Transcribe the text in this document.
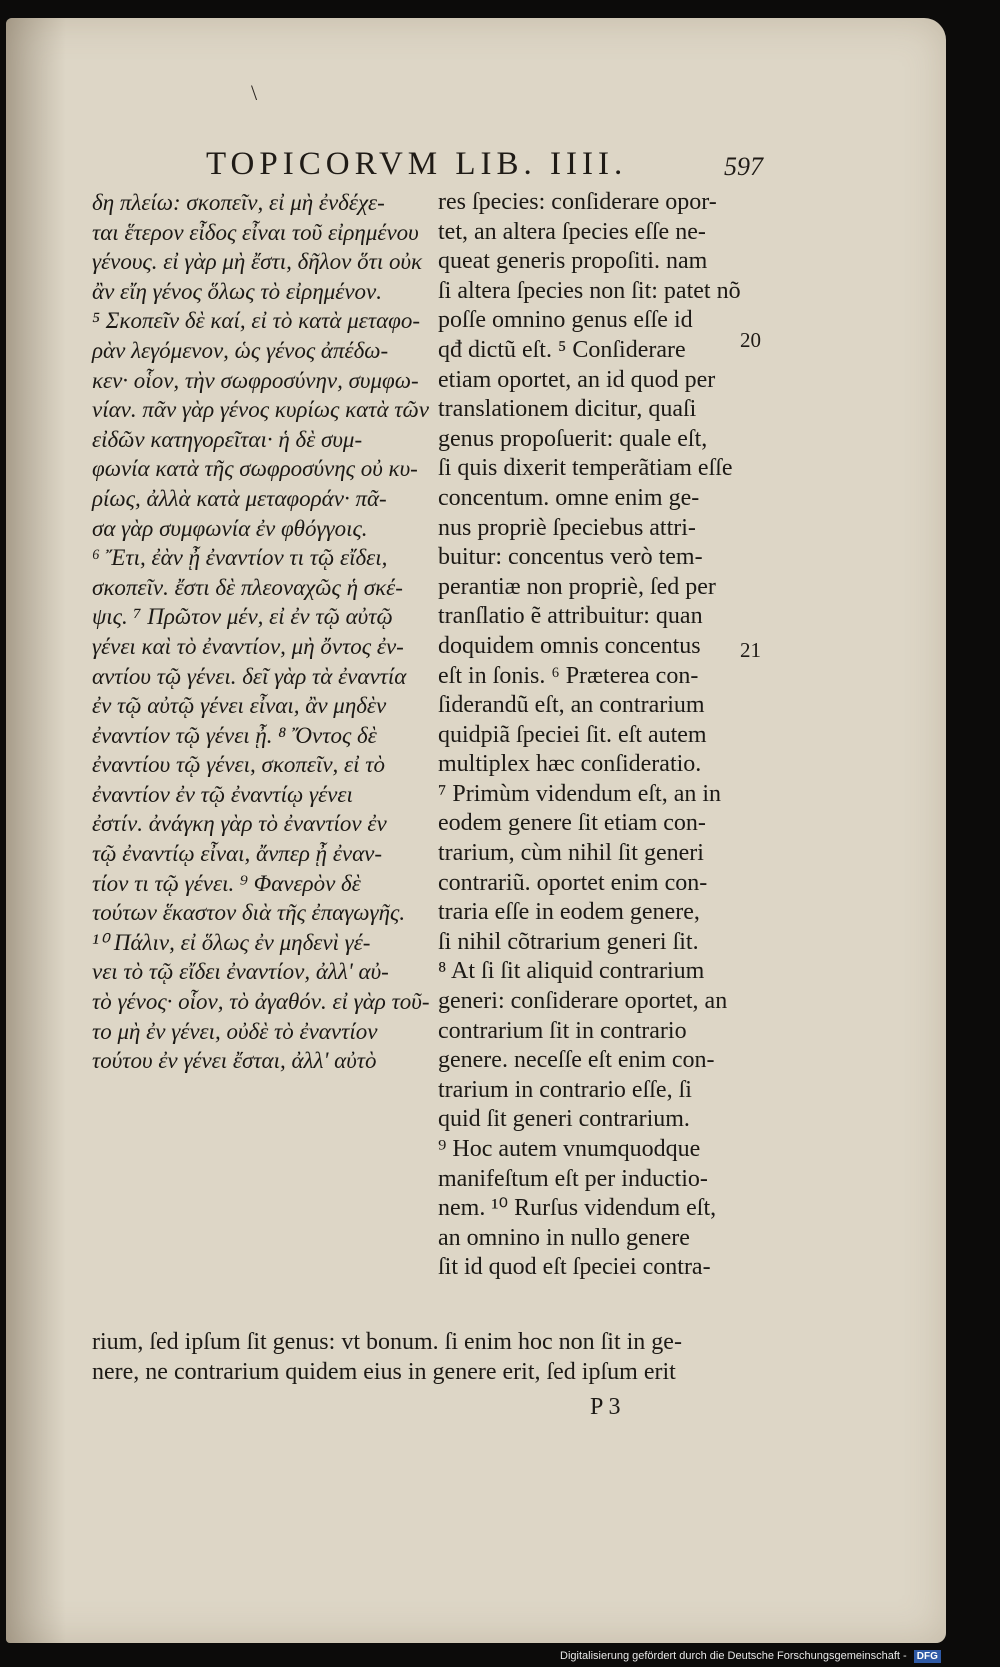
\
TOPICORVM LIB. IIII.	597
δη πλείω: σκοπεῖν, εἰ μὴ ἐνδέχε-
ται ἕτερον εἶδος εἶναι τοῦ εἰρημένου
γένους. εἰ γὰρ μὴ ἔστι, δῆλον ὅτι οὐκ
ἂν εἴη γένος ὅλως τὸ εἰρημένον.
⁵ Σκοπεῖν δὲ καί, εἰ τὸ κατὰ μεταφο-
ρὰν λεγόμενον, ὡς γένος ἀπέδω-
κεν· οἷον, τὴν σωφροσύνην, συμφω-
νίαν. πᾶν γὰρ γένος κυρίως κατὰ τῶν
εἰδῶν κατηγορεῖται· ἡ δὲ συμ-
φωνία κατὰ τῆς σωφροσύνης οὐ κυ-
ρίως, ἀλλὰ κατὰ μεταφοράν· πᾶ-
σα γὰρ συμφωνία ἐν φθόγγοις.
⁶ Ἔτι, ἐὰν ᾖ ἐναντίον τι τῷ εἴδει,
σκοπεῖν. ἔστι δὲ πλεοναχῶς ἡ σκέ-
ψις. ⁷ Πρῶτον μέν, εἰ ἐν τῷ αὐτῷ
γένει καὶ τὸ ἐναντίον, μὴ ὄντος ἐν-
αντίου τῷ γένει. δεῖ γὰρ τὰ ἐναντία
ἐν τῷ αὐτῷ γένει εἶναι, ἂν μηδὲν
ἐναντίον τῷ γένει ᾖ. ⁸ Ὄντος δὲ
ἐναντίου τῷ γένει, σκοπεῖν, εἰ τὸ
ἐναντίον ἐν τῷ ἐναντίῳ γένει
ἐστίν. ἀνάγκη γὰρ τὸ ἐναντίον ἐν
τῷ ἐναντίῳ εἶναι, ἄνπερ ᾖ ἐναν-
τίον τι τῷ γένει. ⁹ Φανερὸν δὲ
τούτων ἕκαστον διὰ τῆς ἐπαγωγῆς.
¹⁰ Πάλιν, εἰ ὅλως ἐν μηδενὶ γέ-
νει τὸ τῷ εἴδει ἐναντίον, ἀλλ' αὐ-
τὸ γένος· οἷον, τὸ ἀγαθόν. εἰ γὰρ τοῦ-
το μὴ ἐν γένει, οὐδὲ τὸ ἐναντίον
τούτου ἐν γένει ἔσται, ἀλλ' αὐτὸ
res ſpecies: conſiderare opor-
tet, an altera ſpecies eſſe ne-
queat generis propoſiti. nam
ſi altera ſpecies non ſit: patet nõ
poſſe omnino genus eſſe id
qđ dictũ eſt. ⁵ Conſiderare
etiam oportet, an id quod per
translationem dicitur, quaſi
genus propoſuerit: quale eſt,
ſi quis dixerit temperãtiam eſſe
concentum. omne enim ge-
nus propriè ſpeciebus attri-
buitur: concentus verò tem-
perantiæ non propriè, ſed per
tranſlatio ẽ attribuitur: quan
doquidem omnis concentus
eſt in ſonis. ⁶ Præterea con-
ſiderandũ eſt, an contrarium
quidpiã ſpeciei ſit. eſt autem
multiplex hæc conſideratio.
⁷ Primùm videndum eſt, an in
eodem genere ſit etiam con-
trarium, cùm nihil ſit generi
contrariũ. oportet enim con-
traria eſſe in eodem genere,
ſi nihil cõtrarium generi ſit.
⁸ At ſi ſit aliquid contrarium
generi: conſiderare oportet, an
contrarium ſit in contrario
genere. neceſſe eſt enim con-
trarium in contrario eſſe, ſi
quid ſit generi contrarium.
⁹ Hoc autem vnumquodque
manifeſtum eſt per inductio-
nem. ¹⁰ Rurſus videndum eſt,
an omnino in nullo genere
ſit id quod eſt ſpeciei contra-
20
21
rium, ſed ipſum ſit genus: vt bonum. ſi enim hoc non ſit in ge-
nere, ne contrarium quidem eius in genere erit, ſed ipſum erit
P 3
Digitalisierung gefördert durch die Deutsche Forschungsgemeinschaft - DFG
